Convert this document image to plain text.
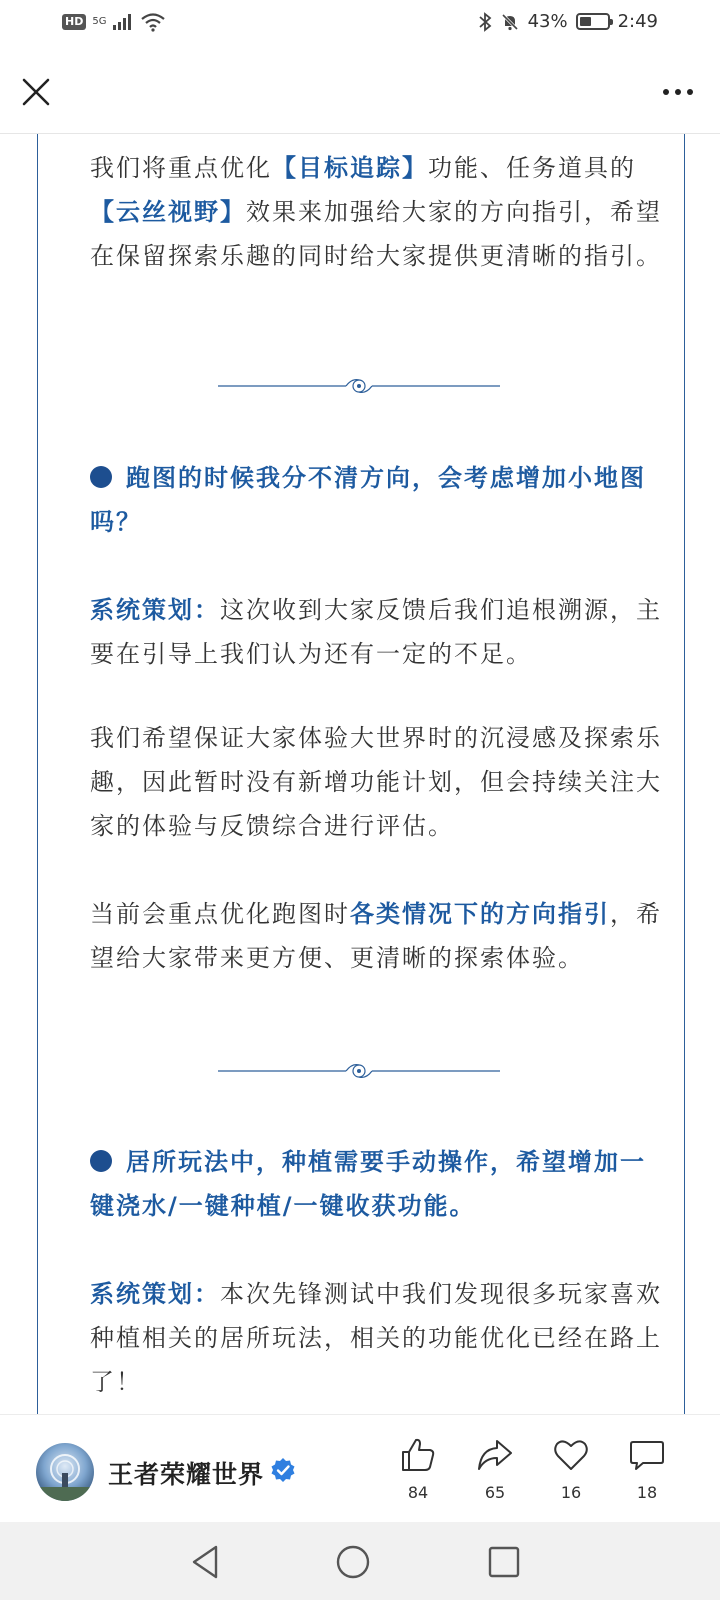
HD 5G	43%	2:49

我们将重点优化【目标追踪】功能、任务道具的【云丝视野】效果来加强给大家的方向指引，希望在保留探索乐趣的同时给大家提供更清晰的指引。

跑图的时候我分不清方向，会考虑增加小地图吗？

系统策划：这次收到大家反馈后我们追根溯源，主要在引导上我们认为还有一定的不足。

我们希望保证大家体验大世界时的沉浸感及探索乐趣，因此暂时没有新增功能计划，但会持续关注大家的体验与反馈综合进行评估。

当前会重点优化跑图时各类情况下的方向指引，希望给大家带来更方便、更清晰的探索体验。

居所玩法中，种植需要手动操作，希望增加一键浇水/一键种植/一键收获功能。

系统策划：本次先锋测试中我们发现很多玩家喜欢种植相关的居所玩法，相关的功能优化已经在路上了！

王者荣耀世界
84	65	16	18
